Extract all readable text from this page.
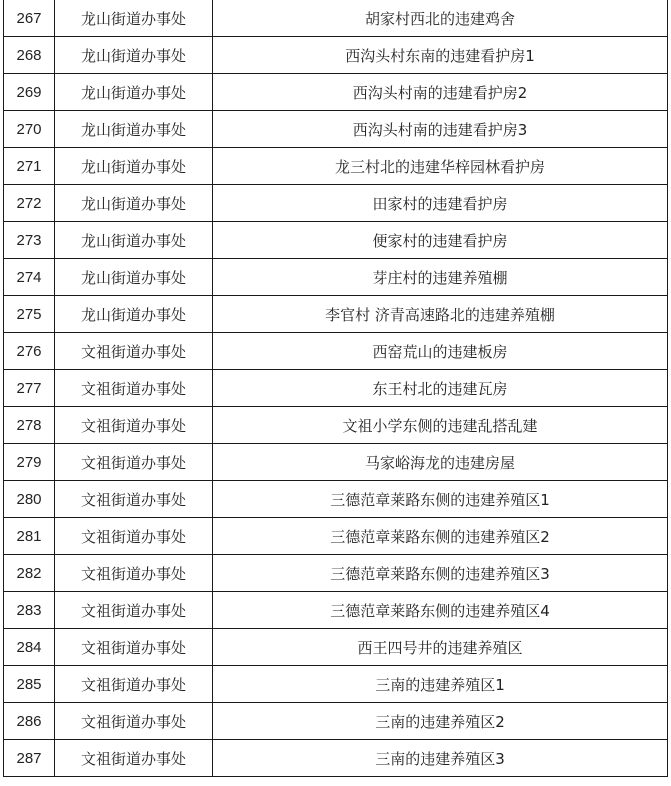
267	龙山街道办事处	胡家村西北的违建鸡舍
268	龙山街道办事处	西沟头村东南的违建看护房1
269	龙山街道办事处	西沟头村南的违建看护房2
270	龙山街道办事处	西沟头村南的违建看护房3
271	龙山街道办事处	龙三村北的违建华梓园林看护房
272	龙山街道办事处	田家村的违建看护房
273	龙山街道办事处	便家村的违建看护房
274	龙山街道办事处	芽庄村的违建养殖棚
275	龙山街道办事处	李官村 济青高速路北的违建养殖棚
276	文祖街道办事处	西窑荒山的违建板房
277	文祖街道办事处	东王村北的违建瓦房
278	文祖街道办事处	文祖小学东侧的违建乱搭乱建
279	文祖街道办事处	马家峪海龙的违建房屋
280	文祖街道办事处	三德范章莱路东侧的违建养殖区1
281	文祖街道办事处	三德范章莱路东侧的违建养殖区2
282	文祖街道办事处	三德范章莱路东侧的违建养殖区3
283	文祖街道办事处	三德范章莱路东侧的违建养殖区4
284	文祖街道办事处	西王四号井的违建养殖区
285	文祖街道办事处	三南的违建养殖区1
286	文祖街道办事处	三南的违建养殖区2
287	文祖街道办事处	三南的违建养殖区3
